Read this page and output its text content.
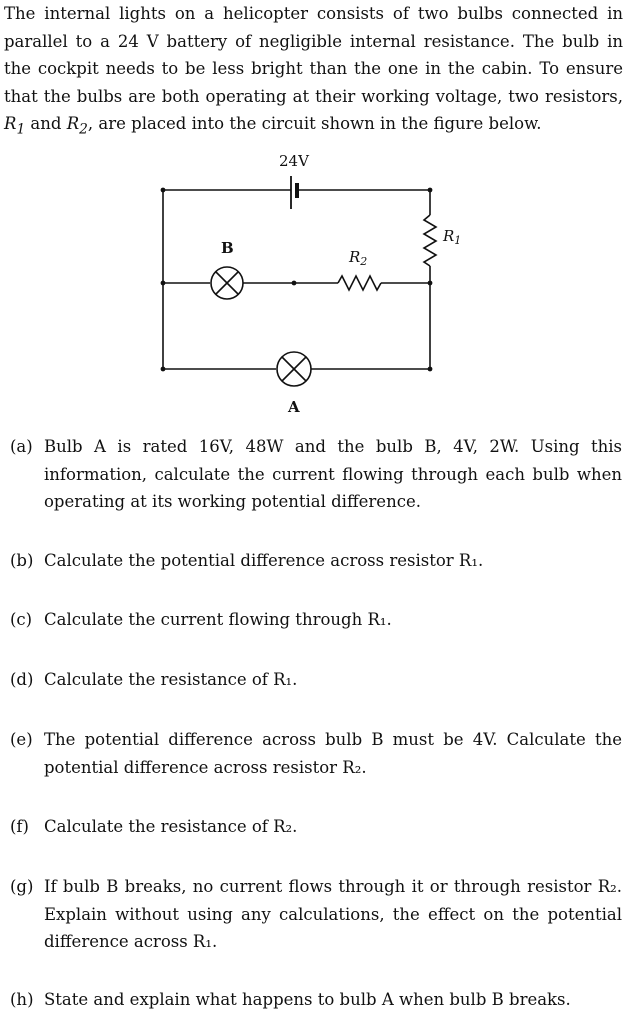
The internal lights on a helicopter consists of two bulbs connected in parallel to a 24 V battery of negligible internal resistance. The bulb in the cockpit needs to be less bright than the one in the cabin. To ensure that the bulbs are both operating at their working voltage, two resistors, $R_1$ and $R_2$, are placed into the circuit shown in the figure below.
24V
$R_1$
$R_2$
B
A
(a) Bulb A is rated 16V, 48W and the bulb B, 4V, 2W. Using this information, calculate the current flowing through each bulb when operating at its working potential difference.
(b) Calculate the potential difference across resistor R₁.
(c) Calculate the current flowing through R₁.
(d) Calculate the resistance of R₁.
(e) The potential difference across bulb B must be 4V. Calculate the potential difference across resistor R₂.
(f) Calculate the resistance of R₂.
(g) If bulb B breaks, no current flows through it or through resistor R₂. Explain without using any calculations, the effect on the potential difference across R₁.
(h) State and explain what happens to bulb A when bulb B breaks.
